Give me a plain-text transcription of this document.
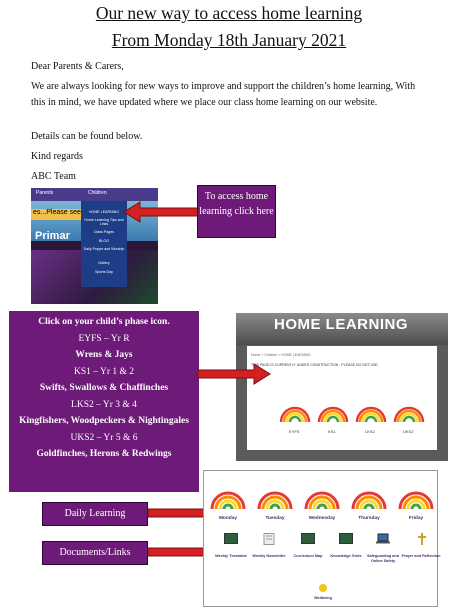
Our new way to access home learning
From Monday 18th January 2021
Dear Parents & Carers,
We are always looking for new ways to improve and support the children’s home learning, With this in mind, we have updated where we place our class home learning on our website.
Details can be found below.
Kind regards
ABC Team
Parents
es...Please see
Primar
HOME LEARNING
Home Learning Tips and Links
Class Pages
BLOG
Daily Prayer and Worship
Gallery
Sports Day
Children	To access home learning click here
Click on your child’s phase icon.
EYFS – Yr R
Wrens & Jays
KS1 – Yr 1 & 2
Swifts, Swallows & Chaffinches
LKS2 – Yr 3 & 4
Kingfishers, Woodpeckers & Nightingales
UKS2 – Yr 5 & 6
Goldfinches, Herons & Redwings
HOME LEARNING
Home > Children > HOME LEARNING
THIS PAGE IS CURRENTLY UNDER CONSTRUCTION - PLEASE DO NOT USE.
EYFS	KS1	LKS2	UKS2
Daily Learning
Documents/Links
Monday	Tuesday	Wednesday	Thursday	Friday
Weekly Timetable	Weekly Newsletter	Curriculum Map	Knowledge Grids	Safeguarding and Online Safety
Prayer and Reflection
Wellbeing
